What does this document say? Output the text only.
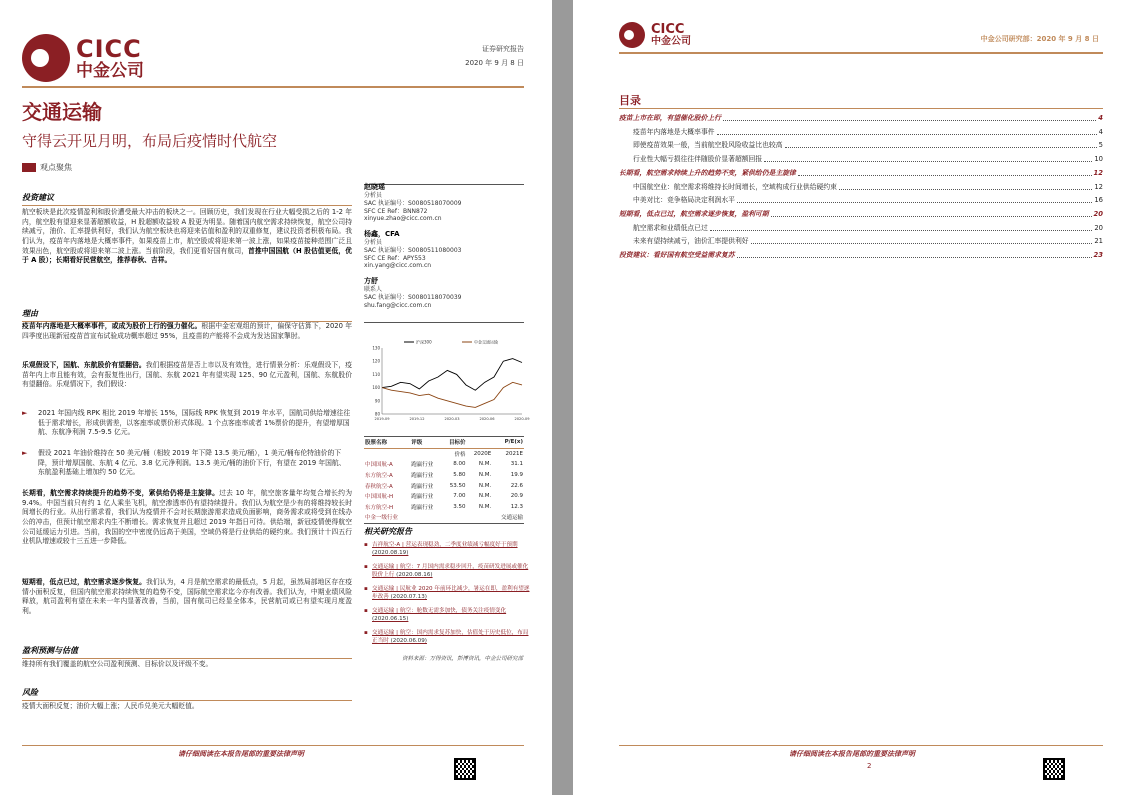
CICC
中金公司
证券研究报告
2020 年 9 月 8 日
交通运输
守得云开见月明，布局后疫情时代航空
观点聚焦
投资建议
航空板块是此次疫情盈利和股价遭受最大冲击的板块之一。回顾历史，我们发现在行业大幅受损之后的 1-2 年内，航空股有望迎来显著超额收益，H 股超额收益较 A 股更为明显。随着国内航空需求持续恢复，航空公司持续减亏，油价、汇率提供利好，我们认为航空板块也将迎来估值和盈利的双重修复，建议投资者积极布局。我们认为，疫苗年内落地是大概率事件，如果疫苗上市，航空股或将迎来第一波上涨，如果疫苗接种范围广泛且效果出色，航空股或将迎来第二波上涨。当前阶段，我们更看好国有航司，首推中国国航（H 股估值更低，优于 A 股）；长期看好民营航空，推荐春秋、吉祥。
理由
疫苗年内落地是大概率事件，或成为股价上行的强力催化。根据中金宏观组的预计，偏保守估算下，2020 年四季度出现新冠疫苗首宣布试验成功概率超过 95%，且疫苗的产能将不会成为发达国家掣肘。
乐观假设下，国航、东航股价有望翻倍。我们根据疫苗是否上市以及有效性，进行情景分析：乐观假设下，疫苗年内上市且能有效，会有报复性出行，国航、东航 2021 年有望实现 125、90 亿元盈利，国航、东航股价有望翻倍。乐观情况下，我们假设：
►	2021 年国内线 RPK 相比 2019 年增长 15%，国际线 RPK 恢复到 2019 年水平，国航司供给增速往往低于需求增长，形成供需差，以客座率或票价形式体现。1 个点客座率或者 1%票价的提升，有望增厚国航、东航净利润 7.5-9.5 亿元。
►	假设 2021 年油价维持在 50 美元/桶（相较 2019 年下降 13.5 美元/桶），1 美元/桶布伦特油价的下降，预计增厚国航、东航 4 亿元、3.8 亿元净利润。13.5 美元/桶的油价下行，有望在 2019 年国航、东航盈利基础上增加约 50 亿元。
长期看，航空需求持续提升的趋势不变，紧供给仍将是主旋律。过去 10 年，航空旅客量年均复合增长约为 9.4%。中国当前只有约 1 亿人乘坐飞机，航空渗透率仍有望持续提升。我们认为航空是少有的将维持较长时间增长的行业。从出行需求看，我们认为疫情并不会对长期旅游需求造成负面影响，商务需求或将受到在线办公的冲击，但预计航空需求内生不断增长。需求恢复并且超过 2019 年指日可待。供给端，新冠疫情使得航空公司延缓运力引进。当前，我国的空中密度仍远高于美国，空域仍将是行业供给的硬约束。我们预计十四五行业机队增速或较十三五进一步降低。
短期看，低点已过，航空需求逐步恢复。我们认为，4 月是航空需求的最低点，5 月起，虽然局部地区存在疫情小面积反复，但国内航空需求持续恢复的趋势不变，国际航空需求迄今亦有改善。我们认为，中期业绩风险释放，航司盈利有望在未来一年内显著改善，当前，国有航司已经显全体本，民营航司或已有望实现月度盈利。
盈利预测与估值
维持所有我们覆盖的航空公司盈利预测、目标价以及评级不变。
风险
疫情大面积反复；油价大幅上涨；人民币兑美元大幅贬值。
赵晓瑶
分析员
SAC 执证编号：S0080518070009
SFC CE Ref：BNN872
xinyue.zhao@cicc.com.cn
杨鑫，CFA
分析员
SAC 执证编号：S0080511080003
SFC CE Ref：APY553
xin.yang@cicc.com.cn
方舒
联系人
SAC 执证编号：S0080118070039
shu.fang@cicc.com.cn
80
90
100
110
120
130
2019-09	2019-12	2020-03	2020-06	2020-09
沪深300	中金交通运输
股票名称	评级	目标价	P/E(x)	
		价格	2020E	2021E
中国国航-A	跑赢行业	8.00	N.M.	31.1
东方航空-A	跑赢行业	5.80	N.M.	19.9
春秋航空-A	跑赢行业	53.50	N.M.	22.6
中国国航-H	跑赢行业	7.00	N.M.	20.9
东方航空-H	跑赢行业	3.50	N.M.	12.3
中金一级行业				交通运输
相关研究报告
▪ 吉祥航空-A | 营运表现稳劲，二季度业绩减亏幅度好于预期 (2020.08.19)
▪ 交通运输 | 航空：7 月国内需求稳步回升，疫苗研发进展或催化股价上行 (2020.08.16)
▪ 交通运输 | 民航业 2020 年前环比减少，暑运在即，盈利有望逐步改善 (2020.07.13)
▪ 交通运输 | 航空：舱数无需多加快，债务关注疫情变化 (2020.06.15)
▪ 交通运输 | 航空：国内需求复苏加快，估值处于历史低位，布局正当时 (2020.06.09)
资料来源：万得资讯，彭博资讯，中金公司研究部
请仔细阅读在本报告尾部的重要法律声明
CICC
中金公司	中金公司研究部：2020 年 9 月 8 日
目录
疫苗上市在即，有望催化股价上行	4
疫苗年内落地是大概率事件	4
即使疫苗效果一般，当前航空股风险收益比也较高	5
行业性大幅亏损往往伴随股价显著超额回报	10
长期看，航空需求持续上升的趋势不变，紧供给仍是主旋律	12
中国航空业：航空需求将维持长时间增长，空域构成行业供给硬约束	12
中美对比：竞争格局决定利润水平	16
短期看，低点已过，航空需求逐步恢复，盈利可期	20
航空需求和业绩低点已过	20
未来有望持续减亏，油价汇率提供利好	21
投资建议：看好国有航空受益需求复苏	23
请仔细阅读在本报告尾部的重要法律声明
2
